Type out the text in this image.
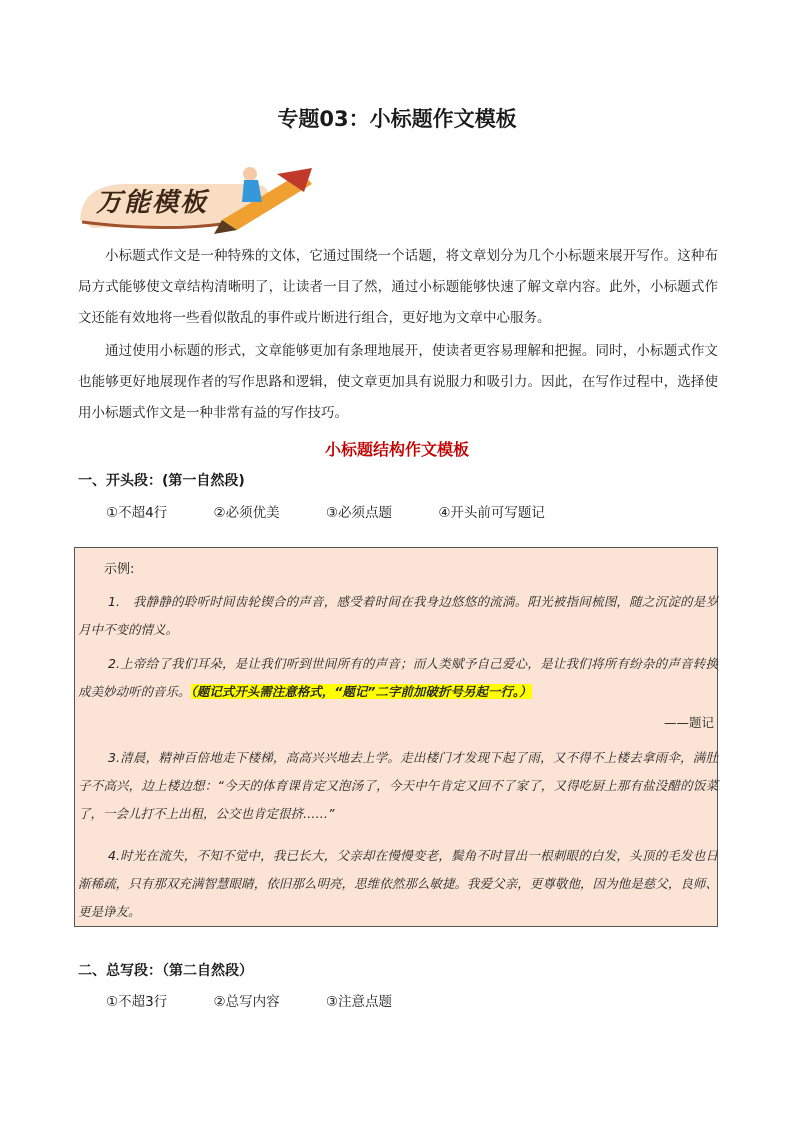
专题03：小标题作文模板
万能模板
小标题式作文是一种特殊的文体，它通过围绕一个话题，将文章划分为几个小标题来展开写作。这种布局方式能够使文章结构清晰明了，让读者一目了然，通过小标题能够快速了解文章内容。此外，小标题式作文还能有效地将一些看似散乱的事件或片断进行组合，更好地为文章中心服务。
通过使用小标题的形式，文章能够更加有条理地展开，使读者更容易理解和把握。同时，小标题式作文也能够更好地展现作者的写作思路和逻辑，使文章更加具有说服力和吸引力。因此，在写作过程中，选择使用小标题式作文是一种非常有益的写作技巧。
小标题结构作文模板
一、开头段：(第一自然段)
①不超4行	②必须优美	③必须点题	④开头前可写题记
示例:
1.　我静静的聆听时间齿轮锲合的声音，感受着时间在我身边悠悠的流淌。阳光被指间梳图，随之沉淀的是岁月中不变的情义。
2.上帝给了我们耳朵，是让我们听到世间所有的声音；而人类赋予自己爱心，是让我们将所有纷杂的声音转换成美妙动听的音乐。（题记式开头需注意格式，“题记”二字前加破折号另起一行。）
——题记
3.清晨，精神百倍地走下楼梯，高高兴兴地去上学。走出楼门才发现下起了雨，又不得不上楼去拿雨伞，满肚子不高兴，边上楼边想：“今天的体育课肯定又泡汤了，今天中午肯定又回不了家了，又得吃厨上那有盐没醋的饭菜了，一会儿打不上出租，公交也肯定很挤……”
4.时光在流失，不知不觉中，我已长大，父亲却在慢慢变老，鬓角不时冒出一根刺眼的白发，头顶的毛发也日渐稀疏，只有那双充满智慧眼睛，依旧那么明亮，思维依然那么敏捷。我爱父亲，更尊敬他，因为他是慈父，良师、更是诤友。
二、总写段：（第二自然段）
①不超3行	②总写内容	③注意点题
